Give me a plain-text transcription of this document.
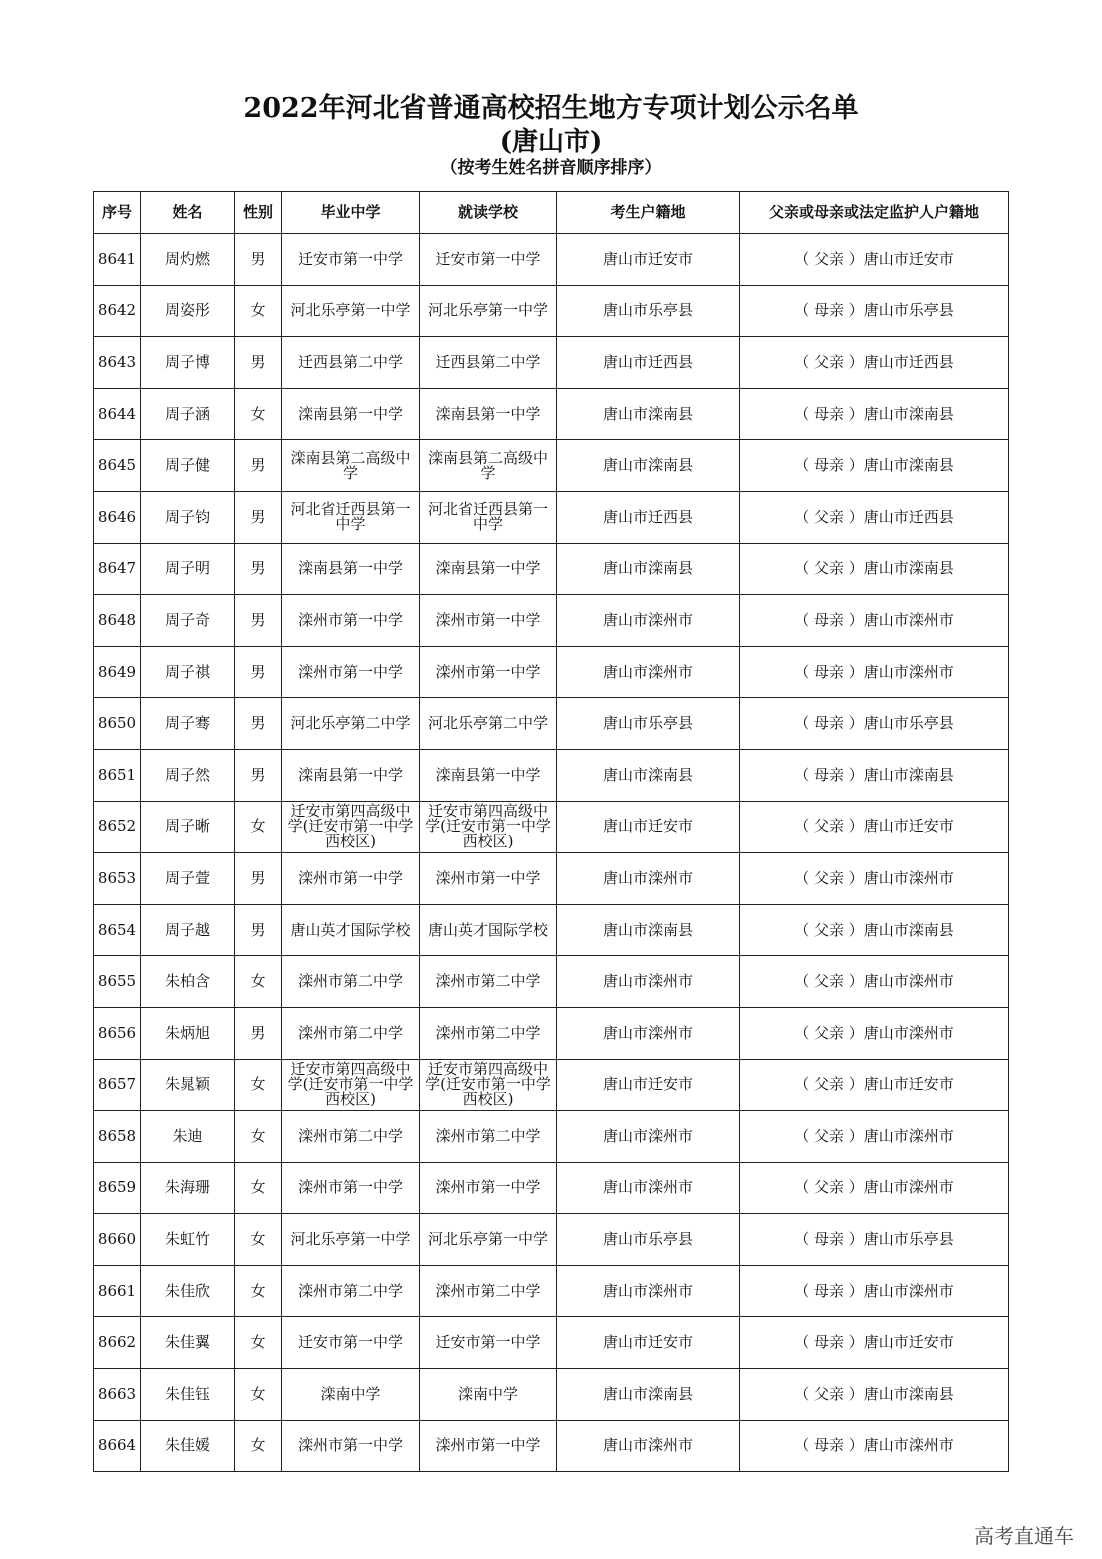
2022年河北省普通高校招生地方专项计划公示名单
(唐山市)
（按考生姓名拼音顺序排序）
序号	姓名	性别	毕业中学	就读学校	考生户籍地	父亲或母亲或法定监护人户籍地
8641	周灼燃	男	迁安市第一中学	迁安市第一中学	唐山市迁安市	（ 父亲 ）唐山市迁安市
8642	周姿彤	女	河北乐亭第一中学	河北乐亭第一中学	唐山市乐亭县	（ 母亲 ）唐山市乐亭县
8643	周子博	男	迁西县第二中学	迁西县第二中学	唐山市迁西县	（ 父亲 ）唐山市迁西县
8644	周子涵	女	滦南县第一中学	滦南县第一中学	唐山市滦南县	（ 母亲 ）唐山市滦南县
8645	周子健	男	滦南县第二高级中学	滦南县第二高级中学	唐山市滦南县	（ 母亲 ）唐山市滦南县
8646	周子钧	男	河北省迁西县第一中学	河北省迁西县第一中学	唐山市迁西县	（ 父亲 ）唐山市迁西县
8647	周子明	男	滦南县第一中学	滦南县第一中学	唐山市滦南县	（ 父亲 ）唐山市滦南县
8648	周子奇	男	滦州市第一中学	滦州市第一中学	唐山市滦州市	（ 母亲 ）唐山市滦州市
8649	周子祺	男	滦州市第一中学	滦州市第一中学	唐山市滦州市	（ 母亲 ）唐山市滦州市
8650	周子骞	男	河北乐亭第二中学	河北乐亭第二中学	唐山市乐亭县	（ 母亲 ）唐山市乐亭县
8651	周子然	男	滦南县第一中学	滦南县第一中学	唐山市滦南县	（ 母亲 ）唐山市滦南县
8652	周子晰	女	迁安市第四高级中学(迁安市第一中学西校区)	迁安市第四高级中学(迁安市第一中学西校区)	唐山市迁安市	（ 父亲 ）唐山市迁安市
8653	周子萱	男	滦州市第一中学	滦州市第一中学	唐山市滦州市	（ 父亲 ）唐山市滦州市
8654	周子越	男	唐山英才国际学校	唐山英才国际学校	唐山市滦南县	（ 父亲 ）唐山市滦南县
8655	朱柏含	女	滦州市第二中学	滦州市第二中学	唐山市滦州市	（ 父亲 ）唐山市滦州市
8656	朱炳旭	男	滦州市第二中学	滦州市第二中学	唐山市滦州市	（ 父亲 ）唐山市滦州市
8657	朱晁颖	女	迁安市第四高级中学(迁安市第一中学西校区)	迁安市第四高级中学(迁安市第一中学西校区)	唐山市迁安市	（ 父亲 ）唐山市迁安市
8658	朱迪	女	滦州市第二中学	滦州市第二中学	唐山市滦州市	（ 父亲 ）唐山市滦州市
8659	朱海珊	女	滦州市第一中学	滦州市第一中学	唐山市滦州市	（ 父亲 ）唐山市滦州市
8660	朱虹竹	女	河北乐亭第一中学	河北乐亭第一中学	唐山市乐亭县	（ 母亲 ）唐山市乐亭县
8661	朱佳欣	女	滦州市第二中学	滦州市第二中学	唐山市滦州市	（ 母亲 ）唐山市滦州市
8662	朱佳翼	女	迁安市第一中学	迁安市第一中学	唐山市迁安市	（ 母亲 ）唐山市迁安市
8663	朱佳钰	女	滦南中学	滦南中学	唐山市滦南县	（ 父亲 ）唐山市滦南县
8664	朱佳媛	女	滦州市第一中学	滦州市第一中学	唐山市滦州市	（ 母亲 ）唐山市滦州市
高考直通车
